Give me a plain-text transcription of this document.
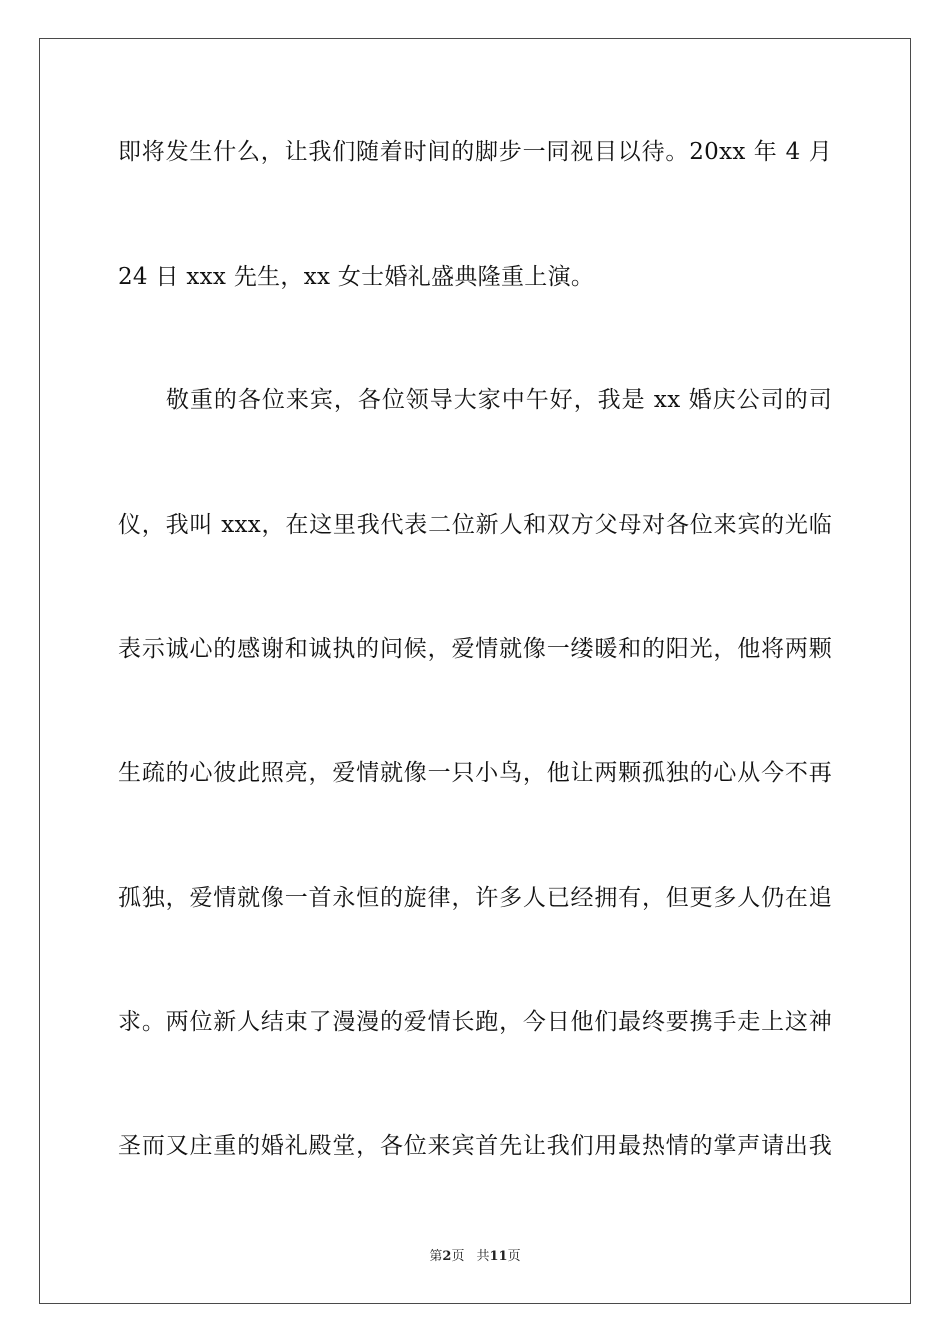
即将发生什么，让我们随着时间的脚步一同视目以待。20xx 年 4 月
24 日 xxx 先生，xx 女士婚礼盛典隆重上演。
　　敬重的各位来宾，各位领导大家中午好，我是 xx 婚庆公司的司
仪，我叫 xxx，在这里我代表二位新人和双方父母对各位来宾的光临
表示诚心的感谢和诚执的问候，爱情就像一缕暖和的阳光，他将两颗
生疏的心彼此照亮，爱情就像一只小鸟，他让两颗孤独的心从今不再
孤独，爱情就像一首永恒的旋律，许多人已经拥有，但更多人仍在追
求。两位新人结束了漫漫的爱情长跑，今日他们最终要携手走上这神
圣而又庄重的婚礼殿堂，各位来宾首先让我们用最热情的掌声请出我
第2页 共11页
